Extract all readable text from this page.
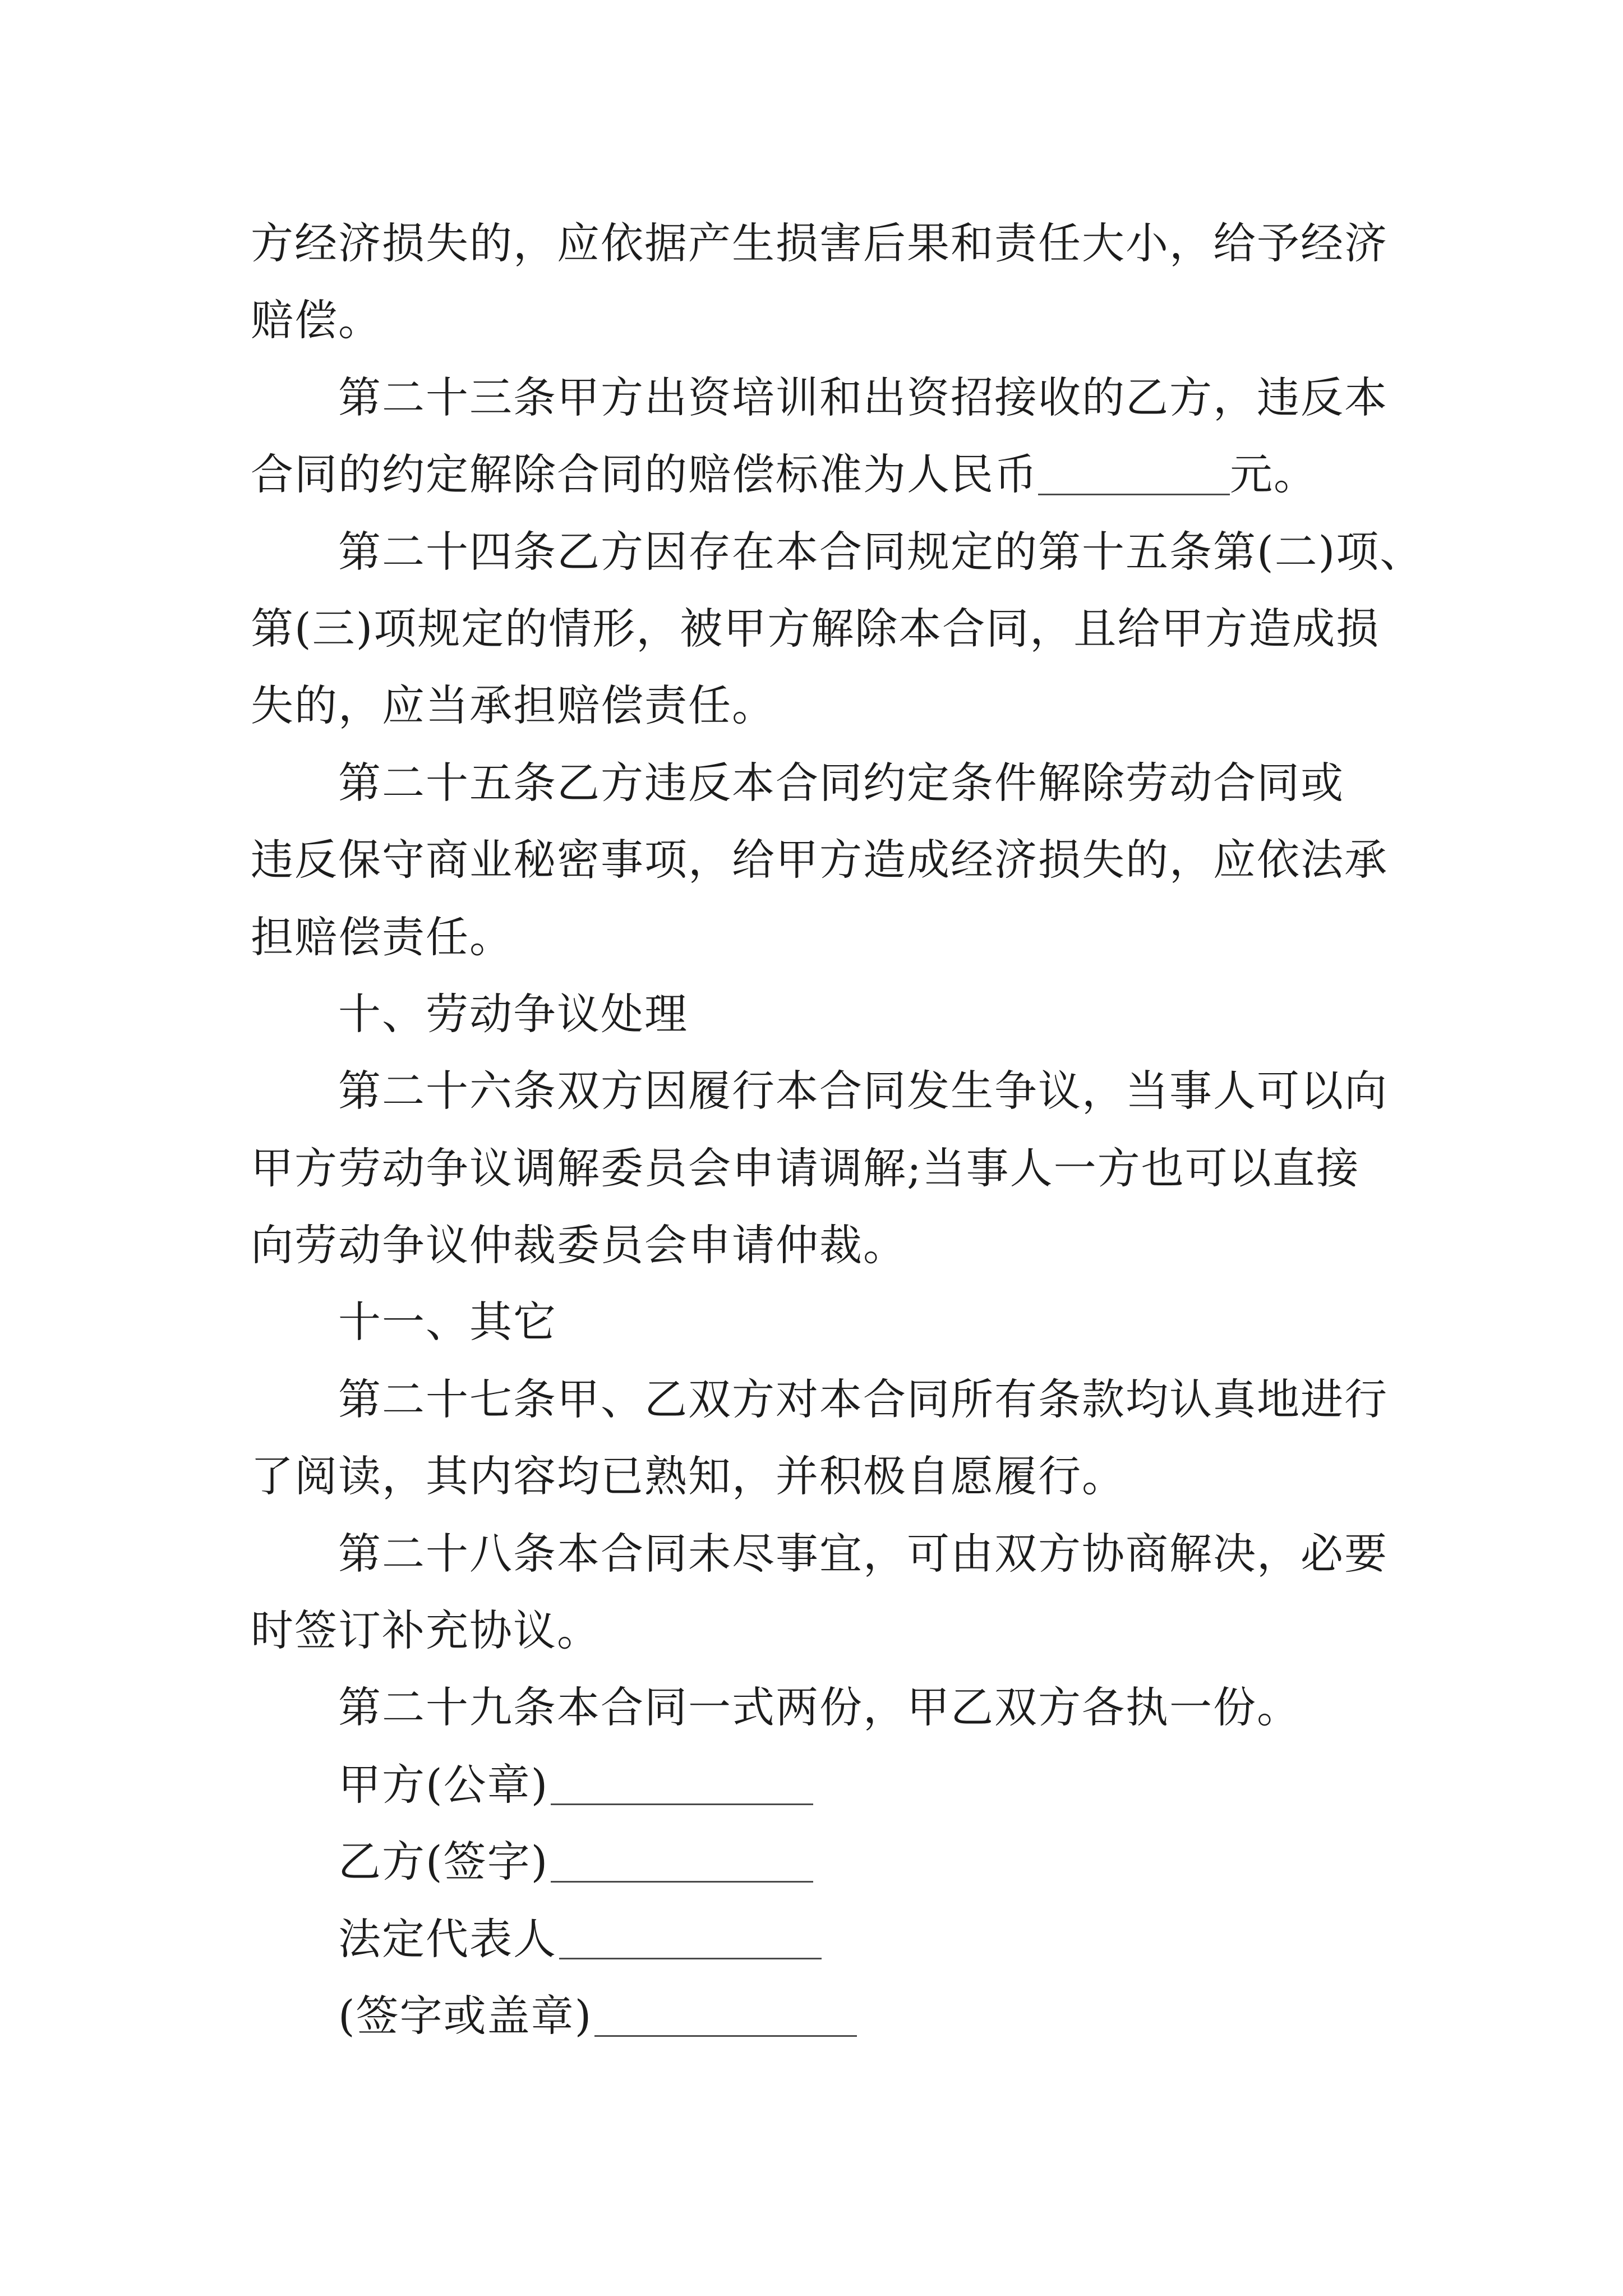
方经济损失的，应依据产生损害后果和责任大小，给予经济
赔偿。
第二十三条甲方出资培训和出资招接收的乙方，违反本
合同的约定解除合同的赔偿标准为人民币	元。
第二十四条乙方因存在本合同规定的第十五条第(二)项、
第(三)项规定的情形，被甲方解除本合同，且给甲方造成损
失的，应当承担赔偿责任。
第二十五条乙方违反本合同约定条件解除劳动合同或
违反保守商业秘密事项，给甲方造成经济损失的，应依法承
担赔偿责任。
十、劳动争议处理
第二十六条双方因履行本合同发生争议，当事人可以向
甲方劳动争议调解委员会申请调解;当事人一方也可以直接
向劳动争议仲裁委员会申请仲裁。
十一、其它
第二十七条甲、乙双方对本合同所有条款均认真地进行
了阅读，其内容均已熟知，并积极自愿履行。
第二十八条本合同未尽事宜，可由双方协商解决，必要
时签订补充协议。
第二十九条本合同一式两份，甲乙双方各执一份。
甲方(公章)
乙方(签字)
法定代表人
(签字或盖章)
